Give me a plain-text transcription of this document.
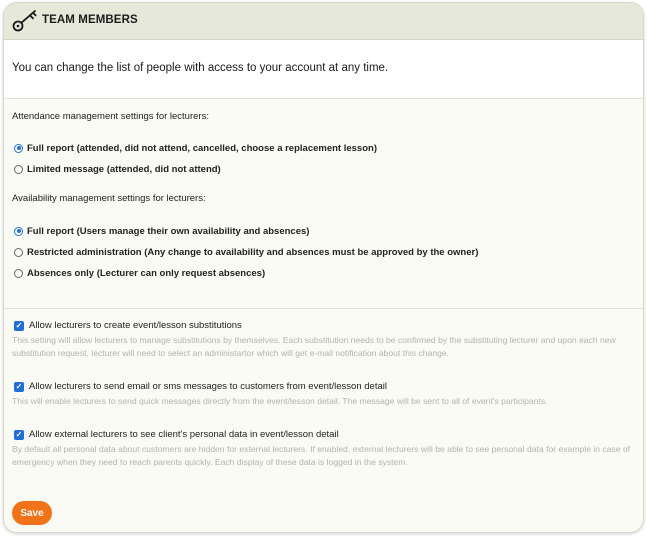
TEAM MEMBERS
You can change the list of people with access to your account at any time.
Attendance management settings for lecturers:
Full report (attended, did not attend, cancelled, choose a replacement lesson)
Limited message (attended, did not attend)
Availability management settings for lecturers:
Full report (Users manage their own availability and absences)
Restricted administration (Any change to availability and absences must be approved by the owner)
Absences only (Lecturer can only request absences)
✓ Allow lecturers to create event/lesson substitutions
This setting will allow lecturers to manage substitutions by themselves. Each substitution needs to be confirmed by the substituting lecturer and upon each new substitution request, lecturer will need to select an administartor which will get e-mail notification about this change.
✓ Allow lecturers to send email or sms messages to customers from event/lesson detail
This will enable lecturers to send quick messages directly from the event/lesson detail. The message will be sent to all of event's participants.
✓ Allow external lecturers to see client's personal data in event/lesson detail
By default all personal data about customers are hidden for external lecturers. If enabled, external lecturers will be able to see personal data for example in case of emergency when they need to reach parents quickly. Each display of these data is logged in the system.
Save
